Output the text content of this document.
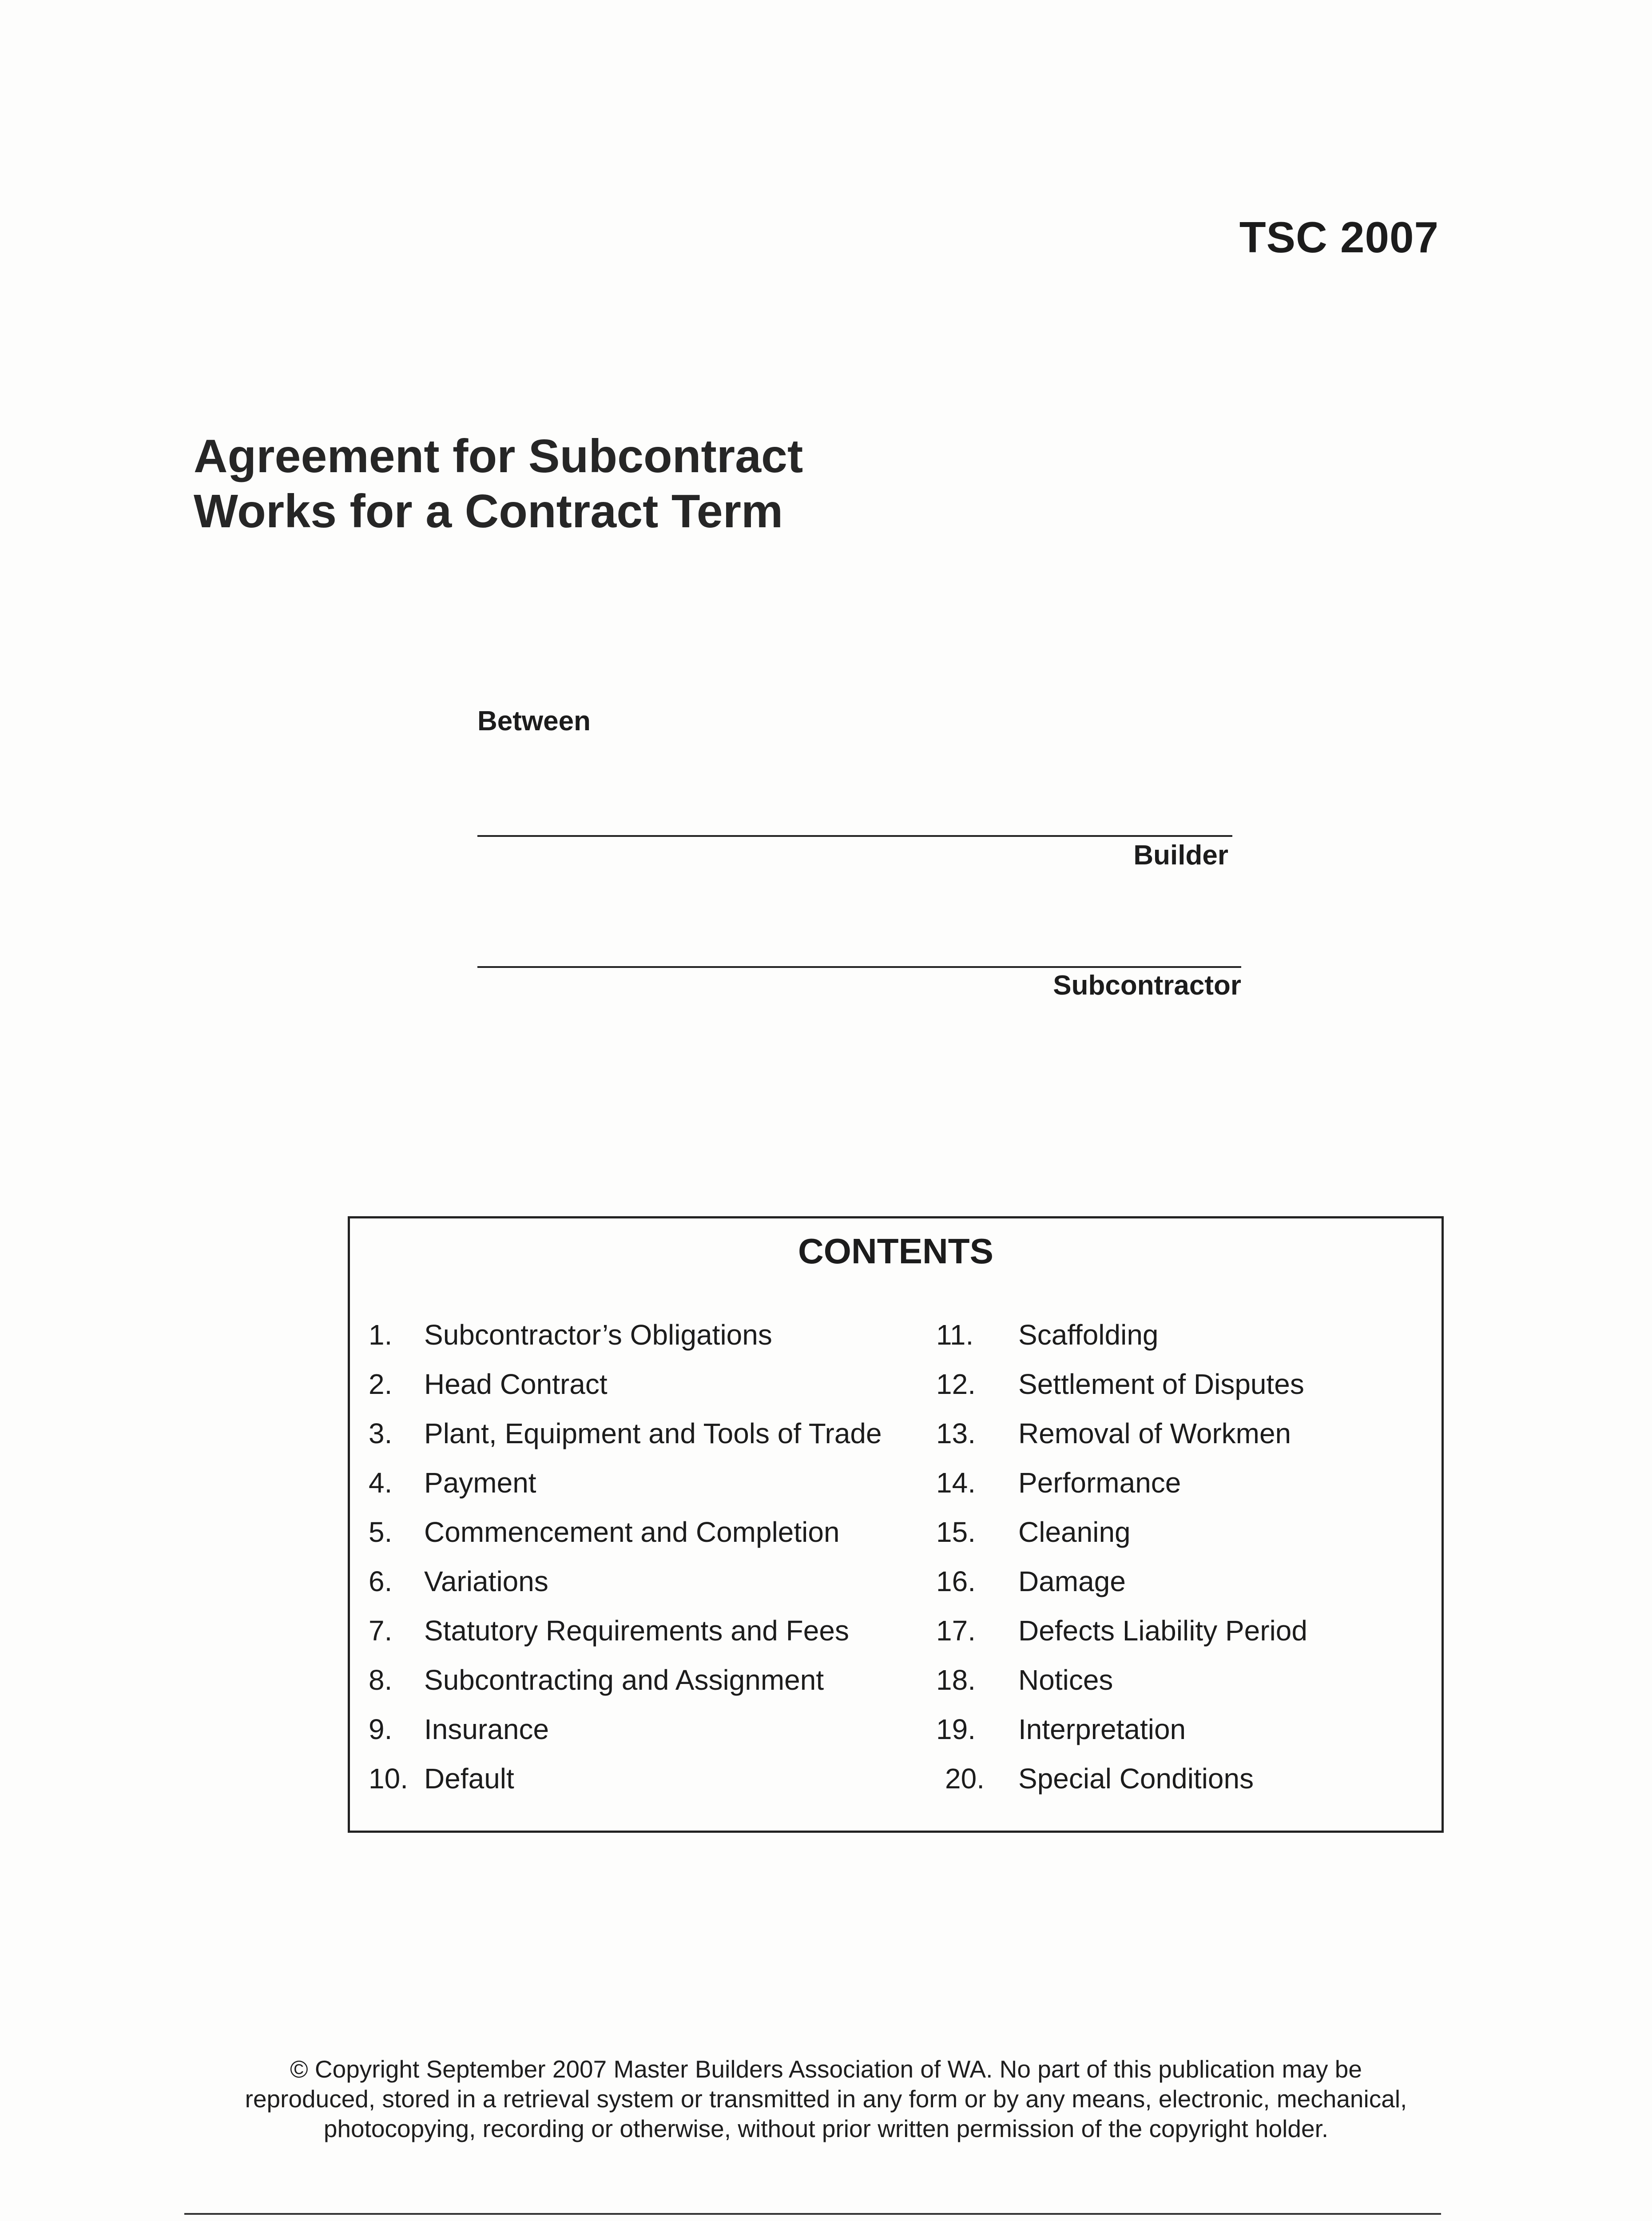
TSC 2007
Agreement for Subcontract
Works for a Contract Term
Between
Builder
Subcontractor
CONTENTS
1. Subcontractor’s Obligations
2. Head Contract
3. Plant, Equipment and Tools of Trade
4. Payment
5. Commencement and Completion
6. Variations
7. Statutory Requirements and Fees
8. Subcontracting and Assignment
9. Insurance
10. Default
11. Scaffolding
12. Settlement of Disputes
13. Removal of Workmen
14. Performance
15. Cleaning
16. Damage
17. Defects Liability Period
18. Notices
19. Interpretation
20. Special Conditions
© Copyright September 2007 Master Builders Association of WA. No part of this publication may be
reproduced, stored in a retrieval system or transmitted in any form or by any means, electronic, mechanical,
photocopying, recording or otherwise, without prior written permission of the copyright holder.
